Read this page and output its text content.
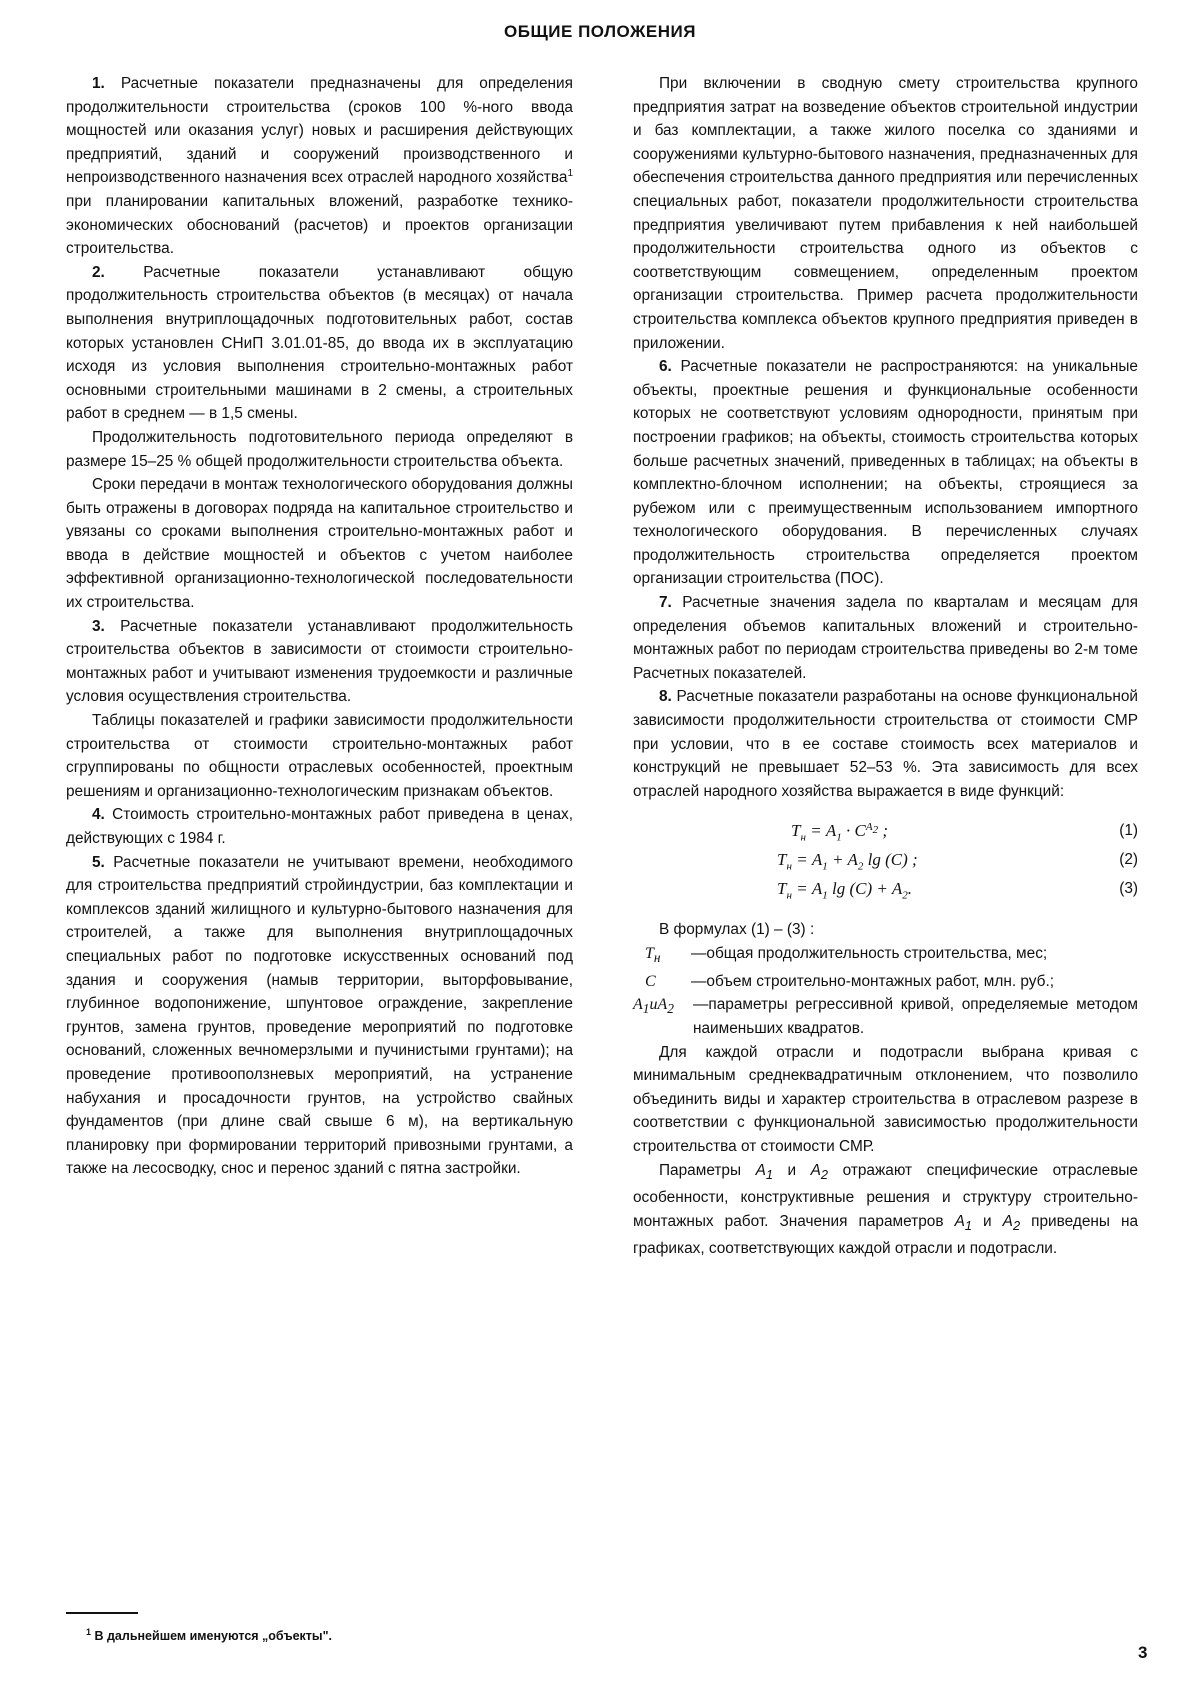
ОБЩИЕ ПОЛОЖЕНИЯ

1. Расчетные показатели предназначены для определения продолжительности строительства (сроков 100 %-ного ввода мощностей или оказания услуг) новых и расширения действующих предприятий, зданий и сооружений производственного и непроизводственного назначения всех отраслей народного хозяйства$^1$ при планировании капитальных вложений, разработке технико-экономических обоснований (расчетов) и проектов организации строительства.

2. Расчетные показатели устанавливают общую продолжительность строительства объектов (в месяцах) от начала выполнения внутриплощадочных подготовительных работ, состав которых установлен СНиП 3.01.01-85, до ввода их в эксплуатацию исходя из условия выполнения строительно-монтажных работ основными строительными машинами в 2 смены, а строительных работ в среднем — в 1,5 смены.

Продолжительность подготовительного периода определяют в размере 15–25 % общей продолжительности строительства объекта.

Сроки передачи в монтаж технологического оборудования должны быть отражены в договорах подряда на капитальное строительство и увязаны со сроками выполнения строительно-монтажных работ и ввода в действие мощностей и объектов с учетом наиболее эффективной организационно-технологической последовательности их строительства.

3. Расчетные показатели устанавливают продолжительность строительства объектов в зависимости от стоимости строительно-монтажных работ и учитывают изменения трудоемкости и различные условия осуществления строительства.

Таблицы показателей и графики зависимости продолжительности строительства от стоимости строительно-монтажных работ сгруппированы по общности отраслевых особенностей, проектным решениям и организационно-технологическим признакам объектов.

4. Стоимость строительно-монтажных работ приведена в ценах, действующих с 1984 г.

5. Расчетные показатели не учитывают времени, необходимого для строительства предприятий стройиндустрии, баз комплектации и комплексов зданий жилищного и культурно-бытового назначения для строителей, а также для выполнения внутриплощадочных специальных работ по подготовке искусственных оснований под здания и сооружения (намыв территории, выторфовывание, глубинное водопонижение, шпунтовое ограждение, закрепление грунтов, замена грунтов, проведение мероприятий по подготовке оснований, сложенных вечномерзлыми и пучинистыми грунтами); на проведение противооползневых мероприятий, на устранение набухания и просадочности грунтов, на устройство свайных фундаментов (при длине свай свыше 6 м), на вертикальную планировку при формировании территорий привозными грунтами, а также на лесосводку, снос и перенос зданий с пятна застройки.

При включении в сводную смету строительства крупного предприятия затрат на возведение объектов строительной индустрии и баз комплектации, а также жилого поселка со зданиями и сооружениями культурно-бытового назначения, предназначенных для обеспечения строительства данного предприятия или перечисленных специальных работ, показатели продолжительности строительства предприятия увеличивают путем прибавления к ней наибольшей продолжительности строительства одного из объектов с соответствующим совмещением, определенным проектом организации строительства. Пример расчета продолжительности строительства комплекса объектов крупного предприятия приведен в приложении.

6. Расчетные показатели не распространяются: на уникальные объекты, проектные решения и функциональные особенности которых не соответствуют условиям однородности, принятым при построении графиков; на объекты, стоимость строительства которых больше расчетных значений, приведенных в таблицах; на объекты в комплектно-блочном исполнении; на объекты, строящиеся за рубежом или с преимущественным использованием импортного технологического оборудования. В перечисленных случаях продолжительность строительства определяется проектом организации строительства (ПОС).

7. Расчетные значения задела по кварталам и месяцам для определения объемов капитальных вложений и строительно-монтажных работ по периодам строительства приведены во 2-м томе Расчетных показателей.

8. Расчетные показатели разработаны на основе функциональной зависимости продолжительности строительства от стоимости СМР при условии, что в ее составе стоимость всех материалов и конструкций не превышает 52–53 %. Эта зависимость для всех отраслей народного хозяйства выражается в виде функций:

$T_н = A_1 \cdot C^{A_2}$ ;	(1)
$T_н = A_1 + A_2$ lg (C) ;	(2)
$T_н = A_1$ $\lg (C) + A_2$.	(3)

В формулах (1) – (3) :

$T_н$	—общая продолжительность строительства, мес;
C	—объем строительно-монтажных работ, млн. руб.;
$A_1иA_2$	—параметры регрессивной кривой, определяемые методом наименьших квадратов.

Для каждой отрасли и подотрасли выбрана кривая с минимальным среднеквадратичным отклонением, что позволило объединить виды и характер строительства в отраслевом разрезе в соответствии с функциональной зависимостью продолжительности строительства от стоимости СМР.

Параметры $A_1$ и $A_2$ отражают специфические отраслевые особенности, конструктивные решения и структуру строительно-монтажных работ. Значения параметров $A_1$ и $A_2$ приведены на графиках, соответствующих каждой отрасли и подотрасли.

$^1$ В дальнейшем именуются „объекты".
3
